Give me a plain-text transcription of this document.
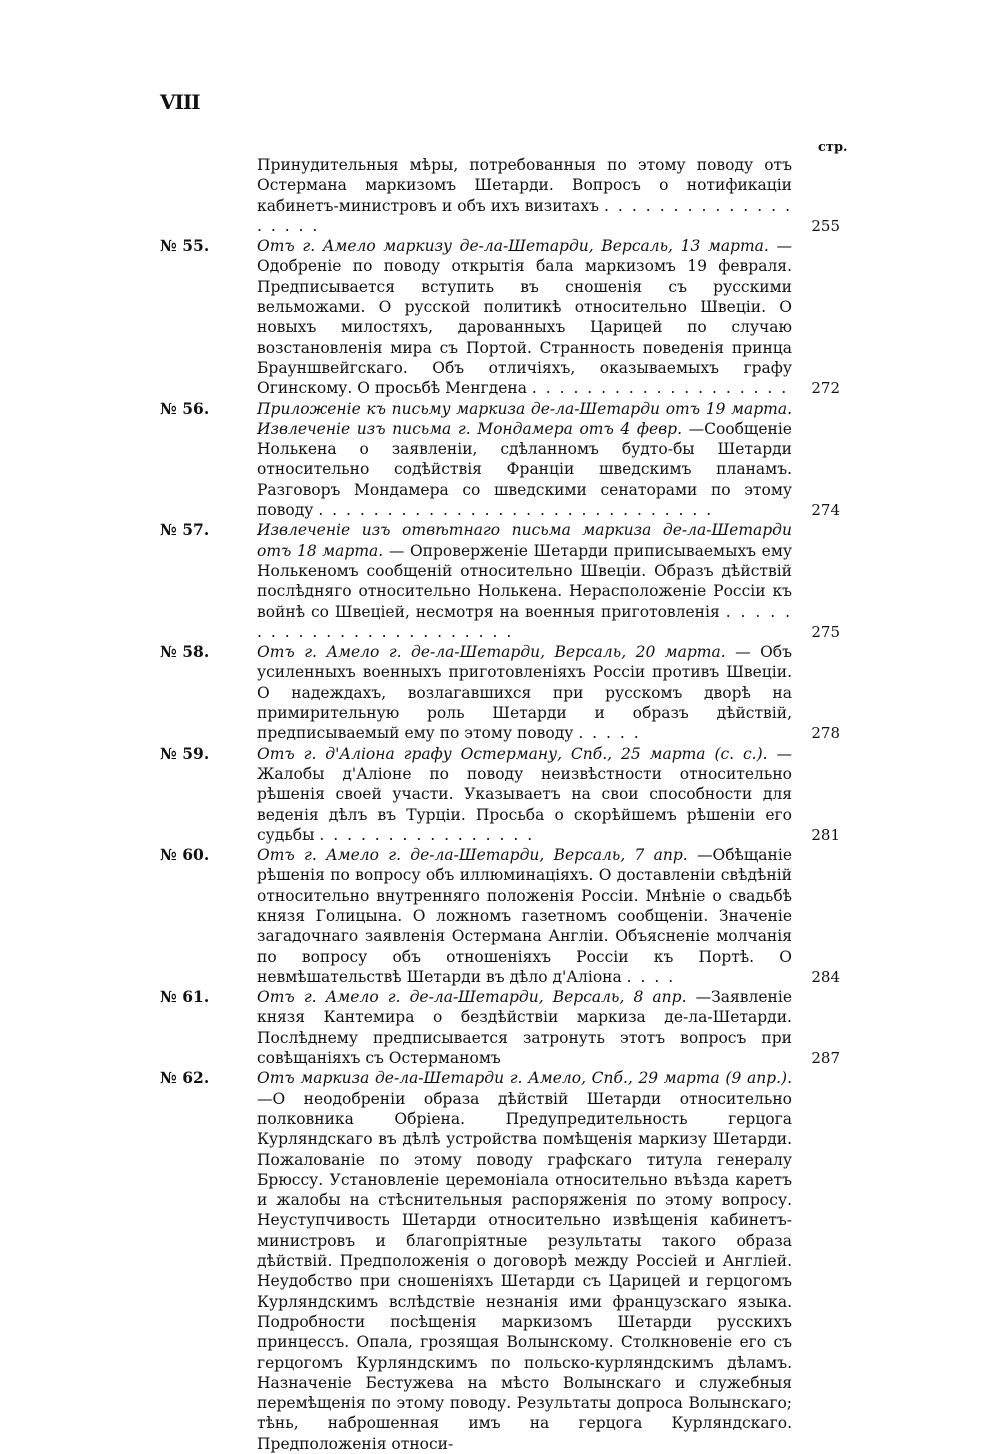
VIII
стр.
Принудительныя мѣры, потребованныя по этому поводу отъ Остермана маркизомъ Шетарди. Вопросъ о нотификаціи кабинетъ-министровъ и объ ихъ визитахъ . . . . . . . . . . . . . . . . . . .	255
№ 55.	Отъ г. Амело маркизу де-ла-Шетарди, Версаль, 13 марта. — Одобреніе по поводу открытія бала маркизомъ 19 февраля. Предписывается вступить въ сношенія съ русскими вельможами. О русской политикѣ относительно Швеціи. О новыхъ милостяхъ, дарованныхъ Царицей по случаю возстановленія мира съ Портой. Странность поведенія принца Брауншвейгскаго. Объ отличіяхъ, оказываемыхъ графу Огинскому. О просьбѣ Менгдена . . . . . . . . . . . . . . . . . . .	272
№ 56.	Приложеніе къ письму маркиза де-ла-Шетарди отъ 19 марта. Извлеченіе изъ письма г. Мондамера отъ 4 февр. —Сообщеніе Нолькена о заявленіи, сдѣланномъ будто-бы Шетарди относительно содѣйствія Франціи шведскимъ планамъ. Разговоръ Мондамера со шведскими сенаторами по этому поводу . . . . . . . . . . . . . . . . . . . . . . . . . . . . .	274
№ 57.	Извлеченіе изъ отвѣтнаго письма маркиза де-ла-Шетарди отъ 18 марта. — Опроверженіе Шетарди приписываемыхъ ему Нолькеномъ сообщеній относительно Швеціи. Образъ дѣйствій послѣдняго относительно Нолькена. Нерасположеніе Россіи къ войнѣ со Швеціей, несмотря на военныя приготовленія . . . . . . . . . . . . . . . . . . . . . . . .	275
№ 58.	Отъ г. Амело г. де-ла-Шетарди, Версаль, 20 марта. — Объ усиленныхъ военныхъ приготовленіяхъ Россіи противъ Швеціи. О надеждахъ, возлагавшихся при русскомъ дворѣ на примирительную роль Шетарди и образъ дѣйствій, предписываемый ему по этому поводу . . . . .	278
№ 59.	Отъ г. д'Аліона графу Остерману, Спб., 25 марта (с. с.). — Жалобы д'Аліоне по поводу неизвѣстности относительно рѣшенія своей участи. Указываетъ на свои способности для веденія дѣлъ въ Турціи. Просьба о скорѣйшемъ рѣшеніи его судьбы . . . . . . . . . . . . . . . .	281
№ 60.	Отъ г. Амело г. де-ла-Шетарди, Версаль, 7 апр. —Обѣщаніе рѣшенія по вопросу объ иллюминаціяхъ. О доставленіи свѣдѣній относительно внутренняго положенія Россіи. Мнѣніе о свадьбѣ князя Голицына. О ложномъ газетномъ сообщеніи. Значеніе загадочнаго заявленія Остермана Англіи. Объясненіе молчанія по вопросу объ отношеніяхъ Россіи къ Портѣ. О невмѣшательствѣ Шетарди въ дѣло д'Аліона . . . .	284
№ 61.	Отъ г. Амело г. де-ла-Шетарди, Версаль, 8 апр. —Заявленіе князя Кантемира о бездѣйствіи маркиза де-ла-Шетарди. Послѣднему предписывается затронуть этотъ вопросъ при совѣщаніяхъ съ Остерманомъ	287
№ 62.	Отъ маркиза де-ла-Шетарди г. Амело, Спб., 29 марта (9 апр.). —О неодобреніи образа дѣйствій Шетарди относительно полковника Обріена. Предупредительность герцога Курляндскаго въ дѣлѣ устройства помѣщенія маркизу Шетарди. Пожалованіе по этому поводу графскаго титула генералу Брюссу. Установленіе церемоніала относительно въѣзда каретъ и жалобы на стѣснительныя распоряженія по этому вопросу. Неуступчивость Шетарди относительно извѣщенія кабинетъ-министровъ и благопріятные результаты такого образа дѣйствій. Предположенія о договорѣ между Россіей и Англіей. Неудобство при сношеніяхъ Шетарди съ Царицей и герцогомъ Курляндскимъ вслѣдствіе незнанія ими французскаго языка. Подробности посѣщенія маркизомъ Шетарди русскихъ принцессъ. Опала, грозящая Волынскому. Столкновеніе его съ герцогомъ Курляндскимъ по польско-курляндскимъ дѣламъ. Назначеніе Бестужева на мѣсто Волынскаго и служебныя перемѣщенія по этому поводу. Результаты допроса Волынскаго; тѣнь, наброшенная имъ на герцога Курляндскаго. Предположенія относи-
